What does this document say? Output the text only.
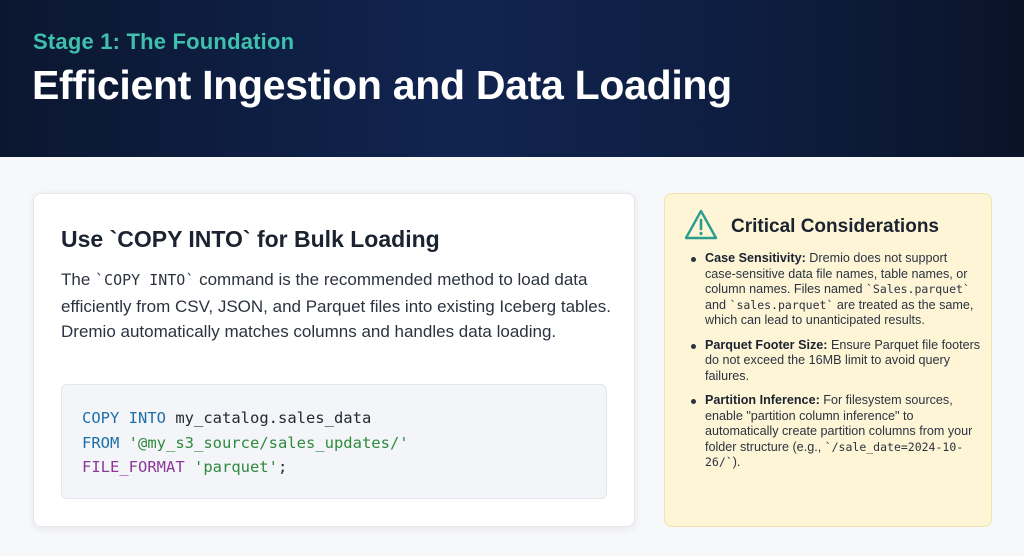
Stage 1: The Foundation
Efficient Ingestion and Data Loading
Use `COPY INTO` for Bulk Loading
The `COPY INTO` command is the recommended method to load data efficiently from CSV, JSON, and Parquet files into existing Iceberg tables. Dremio automatically matches columns and handles data loading.
COPY INTO my_catalog.sales_data
FROM '@my_s3_source/sales_updates/'
FILE_FORMAT 'parquet';
Critical Considerations
Case Sensitivity: Dremio does not support case-sensitive data file names, table names, or column names. Files named `Sales.parquet` and `sales.parquet` are treated as the same, which can lead to unanticipated results.
Parquet Footer Size: Ensure Parquet file footers do not exceed the 16MB limit to avoid query failures.
Partition Inference: For filesystem sources, enable "partition column inference" to automatically create partition columns from your folder structure (e.g., `/sale_date=2024-10-26/`).
